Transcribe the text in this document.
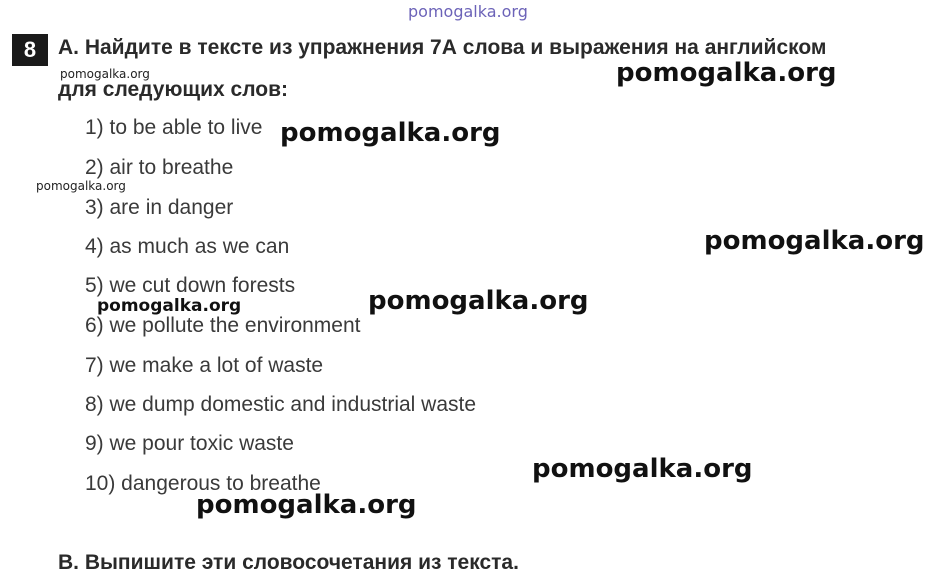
pomogalka.org
8	A. Найдите в тексте из упражнения 7А слова и выражения на английском
для следующих слов:
pomogalka.org	pomogalka.org
1) to be able to live pomogalka.org
2) air to breathe
pomogalka.org
3) are in danger
4) as much as we can	pomogalka.org
5) we cut down forests
pomogalka.org	pomogalka.org
6) we pollute the environment
7) we make a lot of waste
8) we dump domestic and industrial waste
9) we pour toxic waste
pomogalka.org
10) dangerous to breathe
pomogalka.org
B. Выпишите эти словосочетания из текста.
